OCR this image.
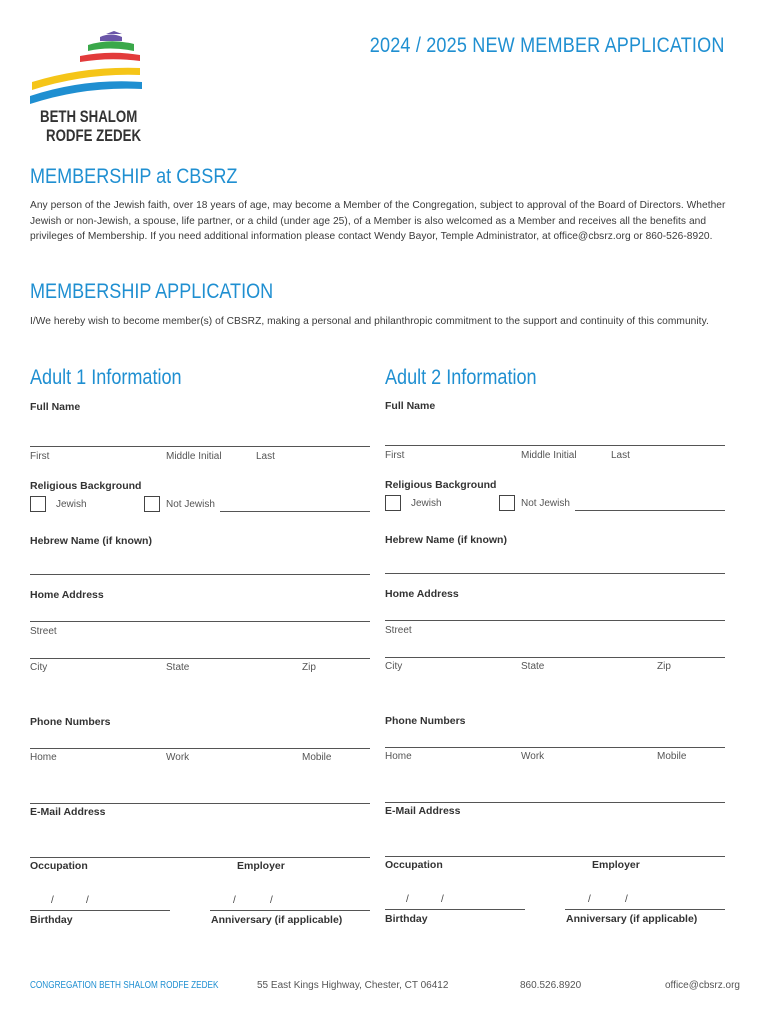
BETH SHALOM
RODFE ZEDEK
2024 / 2025 NEW MEMBER APPLICATION
MEMBERSHIP at CBSRZ
Any person of the Jewish faith, over 18 years of age, may become a Member of the Congregation, subject to approval of the Board of Directors. Whether Jewish or non-Jewish, a spouse, life partner, or a child (under age 25), of a Member is also welcomed as a Member and receives all the benefits and privileges of Membership. If you need additional information please contact Wendy Bayor, Temple Administrator, at office@cbsrz.org or 860-526-8920.
MEMBERSHIP APPLICATION
I/We hereby wish to become member(s) of CBSRZ, making a personal and philanthropic commitment to the support and continuity of this community.
Adult 1 Information
Full Name
First	Middle Initial	Last
Religious Background
Jewish	Not Jewish
Hebrew Name (if known)
Home Address
Street
City	State	Zip
Phone Numbers
Home	Work	Mobile
E-Mail Address
Occupation	Employer
/	/	/	/
Birthday	Anniversary (if applicable)
Adult 2 Information
Full Name
First	Middle Initial	Last
Religious Background
Jewish	Not Jewish
Hebrew Name (if known)
Home Address
Street
City	State	Zip
Phone Numbers
Home	Work	Mobile
E-Mail Address
Occupation	Employer
/	/	/	/
Birthday	Anniversary (if applicable)
CONGREGATION BETH SHALOM RODFE ZEDEK	55 East Kings Highway, Chester, CT 06412	860.526.8920	office@cbsrz.org
